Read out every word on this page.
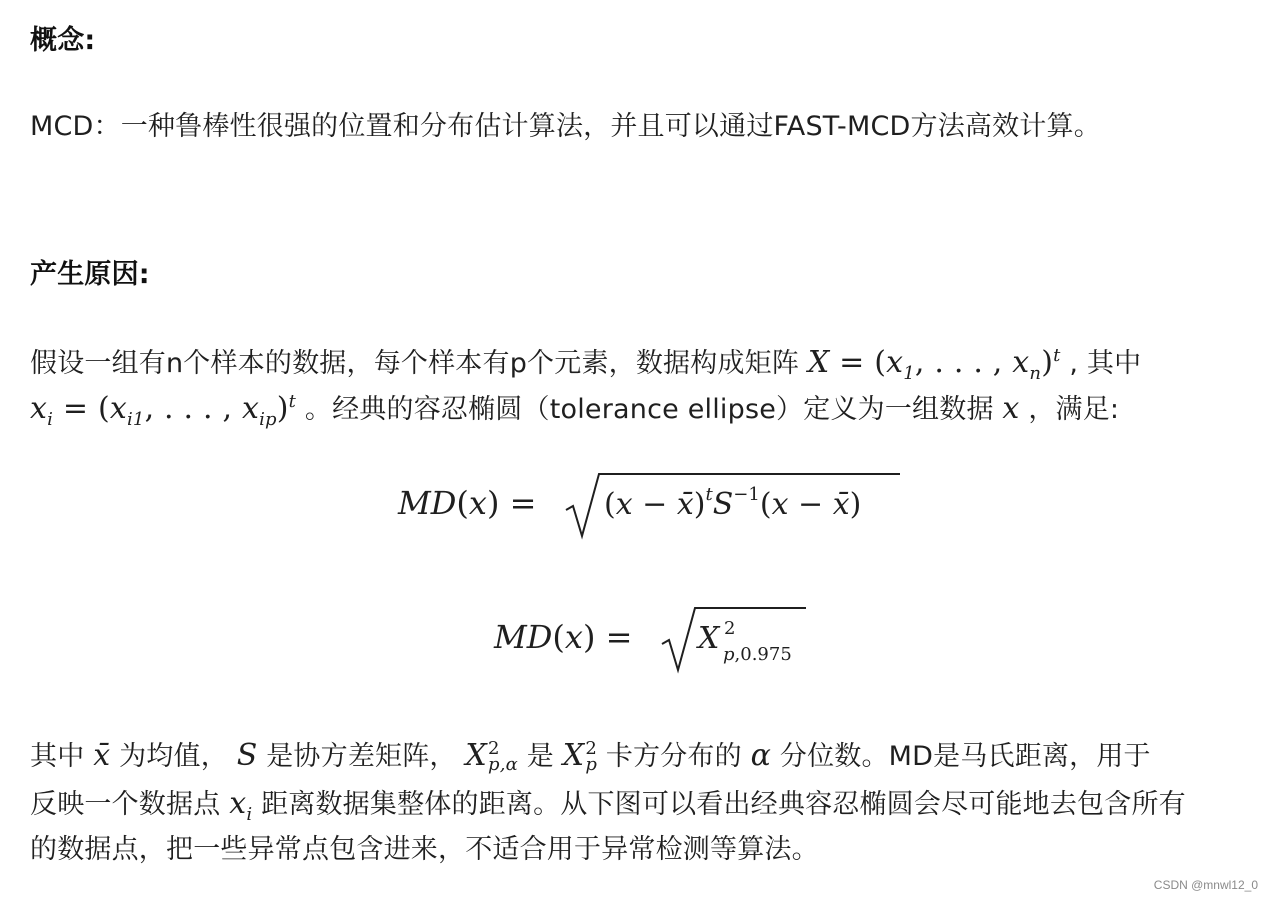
概念:
MCD：一种鲁棒性很强的位置和分布估计算法，并且可以通过FAST-MCD方法高效计算。
产生原因:
假设一组有n个样本的数据，每个样本有p个元素，数据构成矩阵 $X = (x_1$, . . . , $x_n)^t$ , 其中
$x_i = (x_{i1}$, . . . , $x_{ip})^t$ 。经典的容忍椭圆（tolerance ellipse）定义为一组数据 x ，满足:
$MD(x) = (x - x̄)^tS^{-1}(x$ − x̄)
MD(x) = X 2
p,0.975
其中 x̄ 为均值， S 是协方差矩阵， X2
p,α 是 X2
p 卡方分布的 α 分位数。MD是马氏距离，用于
反映一个数据点 $x_i$ 距离数据集整体的距离。从下图可以看出经典容忍椭圆会尽可能地去包含所有
的数据点，把一些异常点包含进来，不适合用于异常检测等算法。
CSDN @mnwl12_0
